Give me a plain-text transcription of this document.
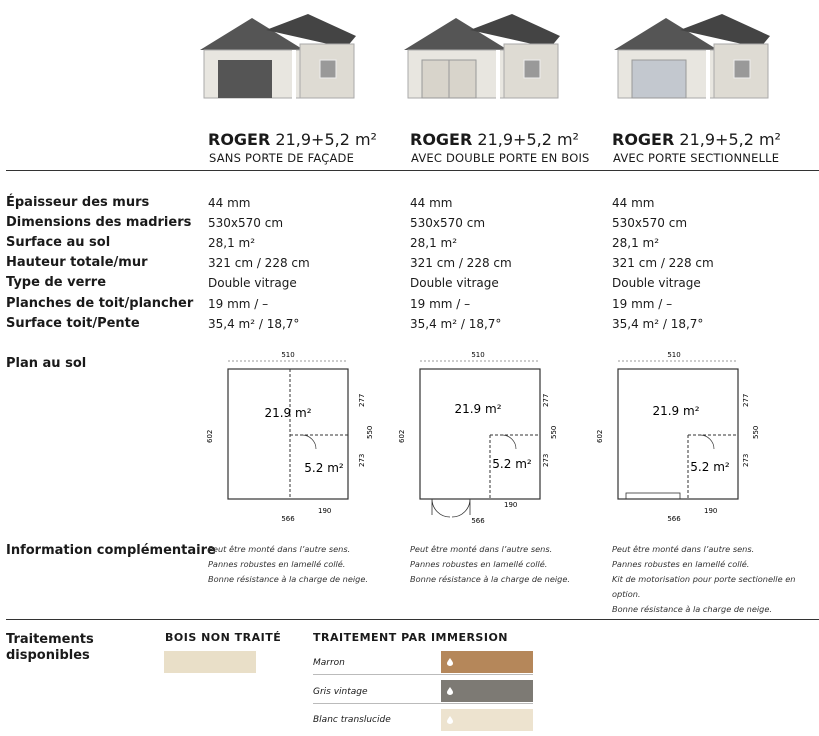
ROGER 21,9+5,2 m²
SANS PORTE DE FAÇADE
ROGER 21,9+5,2 m²
AVEC DOUBLE PORTE EN BOIS
ROGER 21,9+5,2 m²
AVEC PORTE SECTIONNELLE
Épaisseur des murs
Dimensions des madriers
Surface au sol
Hauteur totale/mur
Type de verre
Planches de toit/plancher
Surface toit/Pente
44 mm
530x570 cm
28,1 m²
321 cm / 228 cm
Double vitrage
19 mm / –
35,4 m² / 18,7°
44 mm
530x570 cm
28,1 m²
321 cm / 228 cm
Double vitrage
19 mm / –
35,4 m² / 18,7°
44 mm
530x570 cm
28,1 m²
321 cm / 228 cm
Double vitrage
19 mm / –
35,4 m² / 18,7°
Plan au sol
510
602
277
550
273
21.9 m²
5.2 m²
190
566
510
602
277
550
273
21.9 m²
5.2 m²
190
566
510
602
277
550
273
21.9 m²
5.2 m²
190
566
Information complémentaire
Peut être monté dans l’autre sens.
Pannes robustes en lamellé collé.
Bonne résistance à la charge de neige.
Peut être monté dans l’autre sens.
Pannes robustes en lamellé collé.
Bonne résistance à la charge de neige.
Peut être monté dans l’autre sens.
Pannes robustes en lamellé collé.
Kit de motorisation pour porte sectionelle en option.
Bonne résistance à la charge de neige.
Traitements
disponibles
BOIS NON TRAITÉ	TRAITEMENT PAR IMMERSION
Marron
Gris vintage
Blanc translucide
